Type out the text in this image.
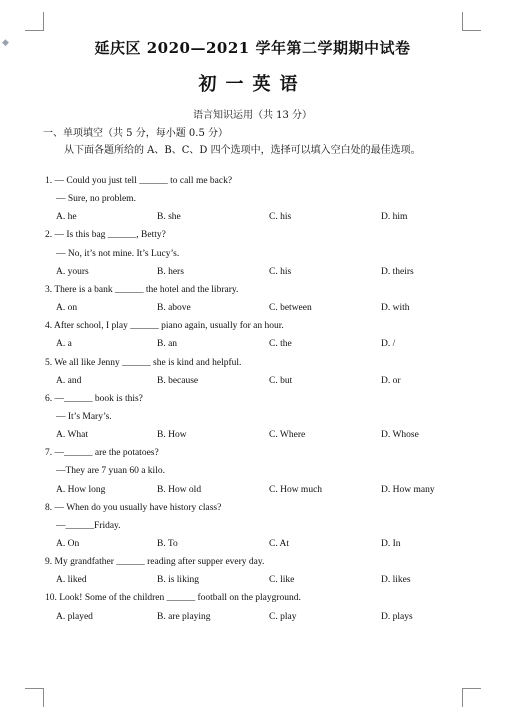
◆	延庆区 2020—2021 学年第二学期期中试卷
初一英语
语言知识运用（共 13 分）
一、单项填空（共 5 分，每小题 0.5 分）
从下面各题所给的 A、B、C、D 四个选项中，选择可以填入空白处的最佳选项。
1. — Could you just tell ______ to call me back?
— Sure, no problem.
A. he	B. she	C. his	D. him
2. — Is this bag ______, Betty?
— No, it’s not mine. It’s Lucy’s.
A. yours	B. hers	C. his	D. theirs
3. There is a bank ______ the hotel and the library.
A. on	B. above	C. between	D. with
4. After school, I play ______ piano again, usually for an hour.
A. a	B. an	C. the	D. /
5. We all like Jenny ______ she is kind and helpful.
A. and	B. because	C. but	D. or
6. —______ book is this?
— It’s Mary’s.
A. What	B. How	C. Where	D. Whose
7. —______ are the potatoes?
—They are 7 yuan 60 a kilo.
A. How long	B. How old	C. How much	D. How many
8. — When do you usually have history class?
—______Friday.
A. On	B. To	C. At	D. In
9. My grandfather ______ reading after supper every day.
A. liked	B. is liking	C. like	D. likes
10. Look! Some of the children ______ football on the playground.
A. played	B. are playing	C. play	D. plays
